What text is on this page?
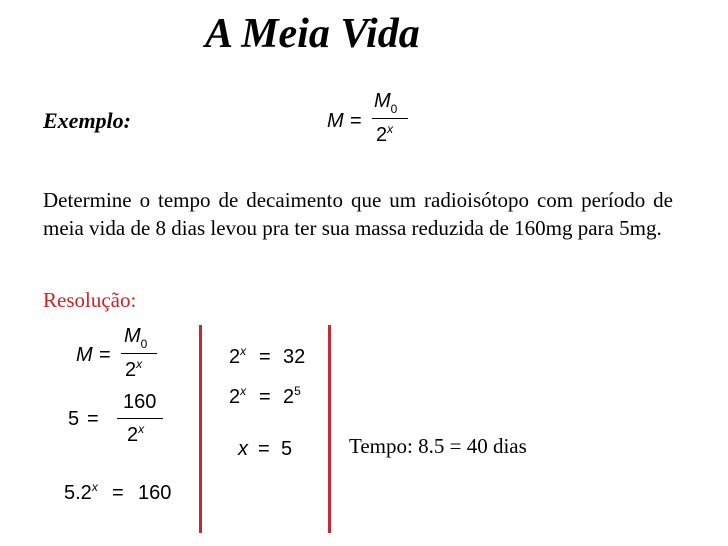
A Meia Vida
Exemplo:	M =
$M_0$
2$^x$
Determine o tempo de decaimento que um radioisótopo com período de meia vida de 8 dias levou pra ter sua massa reduzida de 160mg para 5mg.
Resolução:
M =
$M_0$
2$^x$
5 =
160
2$^x$
$5.2^x = 160$
$2^x = 32$
$2^x = 2^5$
x = 5	Tempo: 8.5 = 40 dias
